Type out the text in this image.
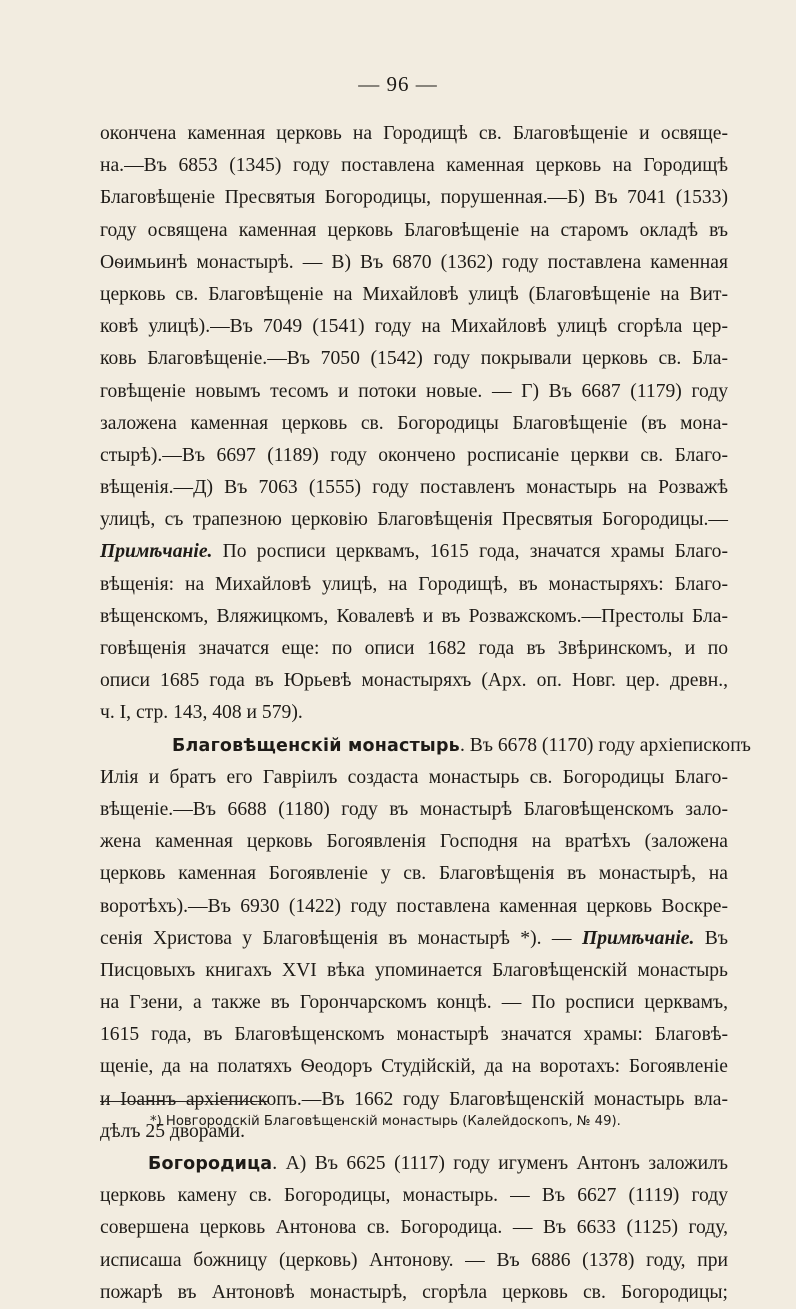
— 96 —
окончена каменная церковь на Городищѣ св. Благовѣщеніе и освяще-
на.—Въ 6853 (1345) году поставлена каменная церковь на Городищѣ
Благовѣщеніе Пресвятыя Богородицы, порушенная.—Б) Въ 7041 (1533)
году освящена каменная церковь Благовѣщеніе на старомъ окладѣ въ
Оѳимьинѣ монастырѣ. — В) Въ 6870 (1362) году поставлена каменная
церковь св. Благовѣщеніе на Михайловѣ улицѣ (Благовѣщеніе на Вит-
ковѣ улицѣ).—Въ 7049 (1541) году на Михайловѣ улицѣ сгорѣла цер-
ковь Благовѣщеніе.—Въ 7050 (1542) году покрывали церковь св. Бла-
говѣщеніе новымъ тесомъ и потоки новые. — Г) Въ 6687 (1179) году
заложена каменная церковь св. Богородицы Благовѣщеніе (въ мона-
стырѣ).—Въ 6697 (1189) году окончено росписаніе церкви св. Благо-
вѣщенія.—Д) Въ 7063 (1555) году поставленъ монастырь на Розважѣ
улицѣ, съ трапезною церковію Благовѣщенія Пресвятыя Богородицы.—
Примѣчаніе. По росписи церквамъ, 1615 года, значатся храмы Благо-
вѣщенія: на Михайловѣ улицѣ, на Городищѣ, въ монастыряхъ: Благо-
вѣщенскомъ, Вляжицкомъ, Ковалевѣ и въ Розважскомъ.—Престолы Бла-
говѣщенія значатся еще: по описи 1682 года въ Звѣринскомъ, и по
описи 1685 года въ Юрьевѣ монастыряхъ (Арх. оп. Новг. цер. древн.,
ч. I, стр. 143, 408 и 579).
Благовѣщенскій монастырь. Въ 6678 (1170) году архіепископъ
Илія и братъ его Гавріилъ создаста монастырь св. Богородицы Благо-
вѣщеніе.—Въ 6688 (1180) году въ монастырѣ Благовѣщенскомъ зало-
жена каменная церковь Богоявленія Господня на вратѣхъ (заложена
церковь каменная Богоявленіе у св. Благовѣщенія въ монастырѣ, на
воротѣхъ).—Въ 6930 (1422) году поставлена каменная церковь Воскре-
сенія Христова у Благовѣщенія въ монастырѣ *). — Примѣчаніе. Въ
Писцовыхъ книгахъ XVI вѣка упоминается Благовѣщенскій монастырь
на Гзени, а также въ Горончарскомъ концѣ. — По росписи церквамъ,
1615 года, въ Благовѣщенскомъ монастырѣ значатся храмы: Благовѣ-
щеніе, да на полатяхъ Ѳеодоръ Студійскій, да на воротахъ: Богоявленіе
и Іоаннъ архіепископъ.—Въ 1662 году Благовѣщенскій монастырь вла-
дѣлъ 25 дворами.
Богородица. А) Въ 6625 (1117) году игуменъ Антонъ заложилъ
церковь камену св. Богородицы, монастырь. — Въ 6627 (1119) году
совершена церковь Антонова св. Богородица. — Въ 6633 (1125) году,
исписаша божницу (церковь) Антонову. — Въ 6886 (1378) году, при
пожарѣ въ Антоновѣ монастырѣ, сгорѣла церковь св. Богородицы;
*) Новгородскій Благовѣщенскій монастырь (Калейдоскопъ, № 49).
